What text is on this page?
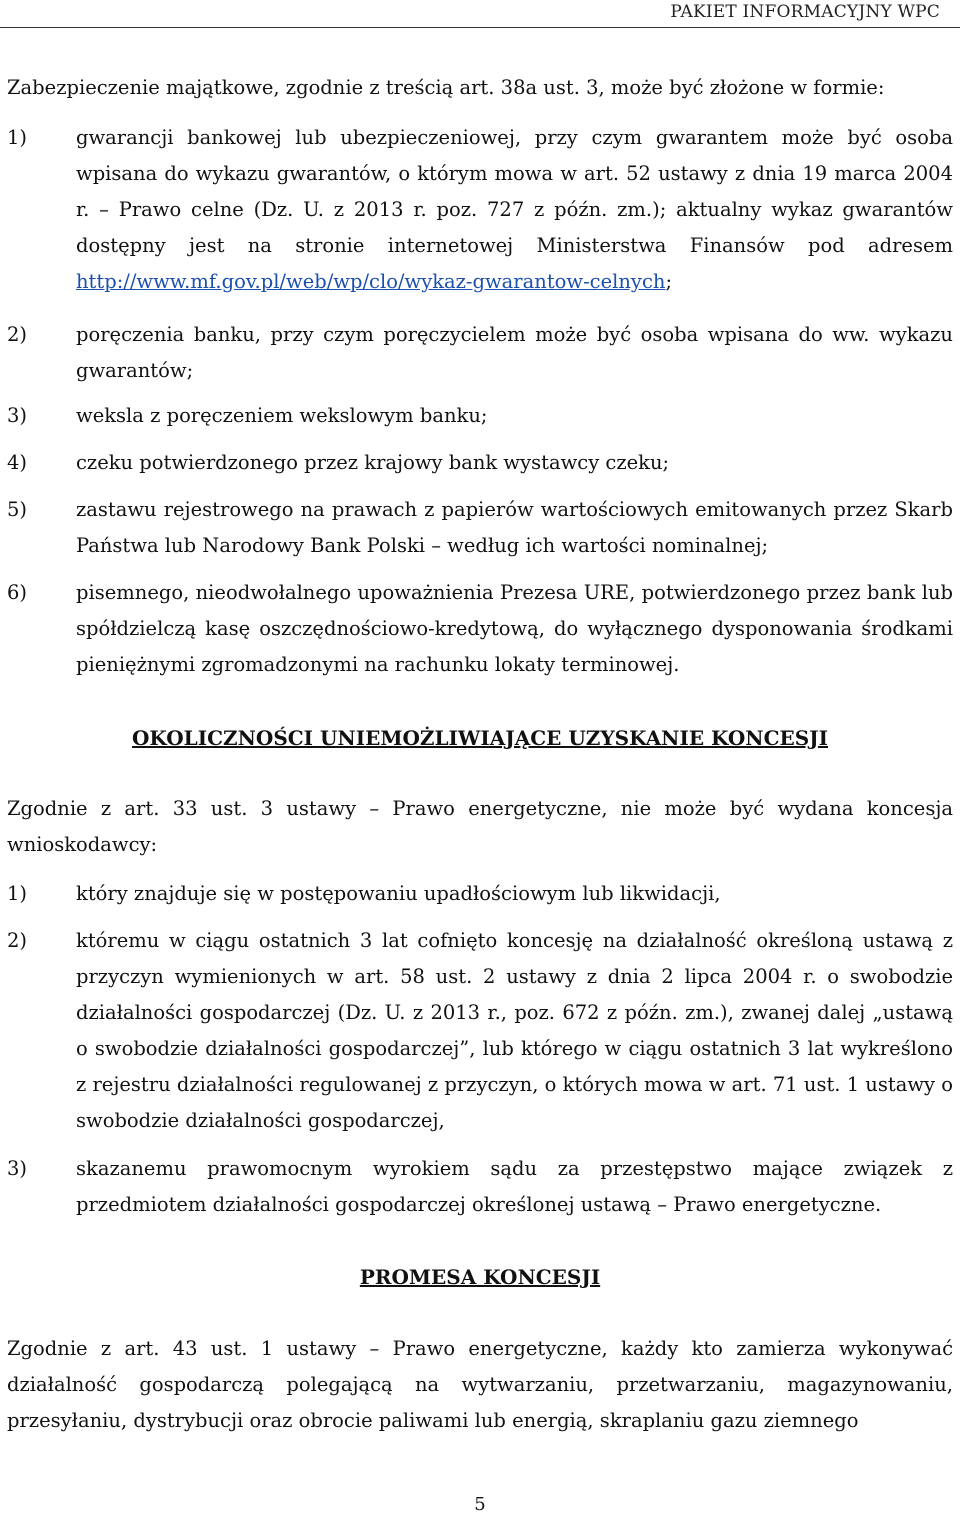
PAKIET INFORMACYJNY WPC
Zabezpieczenie majątkowe, zgodnie z treścią art. 38a ust. 3, może być złożone w formie:
1)	gwarancji bankowej lub ubezpieczeniowej, przy czym gwarantem może być osoba wpisana do wykazu gwarantów, o którym mowa w art. 52 ustawy z dnia 19 marca 2004 r. – Prawo celne (Dz. U. z 2013 r. poz. 727 z późn. zm.); aktualny wykaz gwarantów dostępny jest na stronie internetowej Ministerstwa Finansów pod adresem http://www.mf.gov.pl/web/wp/clo/wykaz-gwarantow-celnych;
2)	poręczenia banku, przy czym poręczycielem może być osoba wpisana do ww. wykazu gwarantów;
3)	weksla z poręczeniem wekslowym banku;
4)	czeku potwierdzonego przez krajowy bank wystawcy czeku;
5)	zastawu rejestrowego na prawach z papierów wartościowych emitowanych przez Skarb Państwa lub Narodowy Bank Polski – według ich wartości nominalnej;
6)	pisemnego, nieodwołalnego upoważnienia Prezesa URE, potwierdzonego przez bank lub spółdzielczą kasę oszczędnościowo-kredytową, do wyłącznego dysponowania środkami pieniężnymi zgromadzonymi na rachunku lokaty terminowej.
OKOLICZNOŚCI UNIEMOŻLIWIAJĄCE UZYSKANIE KONCESJI
Zgodnie z art. 33 ust. 3 ustawy – Prawo energetyczne, nie może być wydana koncesja wnioskodawcy:
1)	który znajduje się w postępowaniu upadłościowym lub likwidacji,
2)	któremu w ciągu ostatnich 3 lat cofnięto koncesję na działalność określoną ustawą z przyczyn wymienionych w art. 58 ust. 2 ustawy z dnia 2 lipca 2004 r. o swobodzie działalności gospodarczej (Dz. U. z 2013 r., poz. 672 z późn. zm.), zwanej dalej „ustawą o swobodzie działalności gospodarczej”, lub którego w ciągu ostatnich 3 lat wykreślono z rejestru działalności regulowanej z przyczyn, o których mowa w art. 71 ust. 1 ustawy o swobodzie działalności gospodarczej,
3)	skazanemu prawomocnym wyrokiem sądu za przestępstwo mające związek z przedmiotem działalności gospodarczej określonej ustawą – Prawo energetyczne.
PROMESA KONCESJI
Zgodnie z art. 43 ust. 1 ustawy – Prawo energetyczne, każdy kto zamierza wykonywać działalność gospodarczą polegającą na wytwarzaniu, przetwarzaniu, magazynowaniu, przesyłaniu, dystrybucji oraz obrocie paliwami lub energią, skraplaniu gazu ziemnego
5
